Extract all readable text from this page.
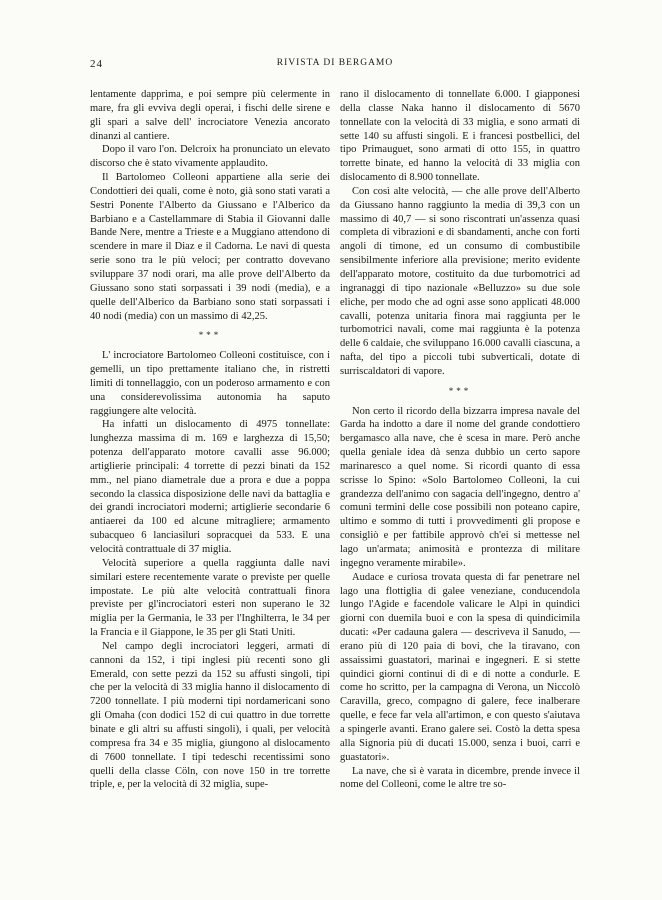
24	RIVISTA DI BERGAMO

lentamente dapprima, e poi sempre più celermente in mare, fra gli evviva degli operai, i fischi delle sirene e gli spari a salve dell' incrociatore Venezia ancorato dinanzi al cantiere.

Dopo il varo l'on. Delcroix ha pronunciato un elevato discorso che è stato vivamente applaudito.

Il Bartolomeo Colleoni appartiene alla serie dei Condottieri dei quali, come è noto, già sono stati varati a Sestri Ponente l'Alberto da Giussano e l'Alberico da Barbiano e a Castellammare di Stabia il Giovanni dalle Bande Nere, mentre a Trieste e a Muggiano attendono di scendere in mare il Diaz e il Cadorna. Le navi di questa serie sono tra le più veloci; per contratto dovevano sviluppare 37 nodi orari, ma alle prove dell'Alberto da Giussano sono stati sorpassati i 39 nodi (media), e a quelle dell'Alberico da Barbiano sono stati sorpassati i 40 nodi (media) con un massimo di 42,25.

***

L' incrociatore Bartolomeo Colleoni costituisce, con i gemelli, un tipo prettamente italiano che, in ristretti limiti di tonnellaggio, con un poderoso armamento e con una considerevolissima autonomia ha saputo raggiungere alte velocità.

Ha infatti un dislocamento di 4975 tonnellate: lunghezza massima di m. 169 e larghezza di 15,50; potenza dell'apparato motore cavalli asse 96.000; artiglierie principali: 4 torrette di pezzi binati da 152 mm., nel piano diametrale due a prora e due a poppa secondo la classica disposizione delle navi da battaglia e dei grandi incrociatori moderni; artiglierie secondarie 6 antiaerei da 100 ed alcune mitragliere; armamento subacqueo 6 lanciasiluri sopracqueì da 533. E una velocità contrattuale di 37 miglia.

Velocità superiore a quella raggiunta dalle navi similari estere recentemente varate o previste per quelle impostate. Le più alte velocità contrattuali finora previste per gl'incrociatori esteri non superano le 32 miglia per la Germania, le 33 per l'Inghilterra, le 34 per la Francia e il Giappone, le 35 per gli Stati Uniti.

Nel campo degli incrociatori leggeri, armati di cannoni da 152, i tipi inglesi più recenti sono gli Emerald, con sette pezzi da 152 su affusti singoli, tipi che per la velocità di 33 miglia hanno il dislocamento di 7200 tonnellate. I più moderni tipi nordamericani sono gli Omaha (con dodici 152 di cui quattro in due torrette binate e gli altri su affusti singoli), i quali, per velocità compresa fra 34 e 35 miglia, giungono al dislocamento di 7600 tonnellate. I tipi tedeschi recentissimi sono quelli della classe Cöln, con nove 150 in tre torrette triple, e, per la velocità di 32 miglia, supe-

rano il dislocamento di tonnellate 6.000. I giapponesi della classe Naka hanno il dislocamento di 5670 tonnellate con la velocità di 33 miglia, e sono armati di sette 140 su affusti singoli. E i francesi postbellici, del tipo Primauguet, sono armati di otto 155, in quattro torrette binate, ed hanno la velocità di 33 miglia con dislocamento di 8.900 tonnellate.

Con così alte velocità, — che alle prove dell'Alberto da Giussano hanno raggiunto la media di 39,3 con un massimo di 40,7 — si sono riscontrati un'assenza quasi completa di vibrazioni e di sbandamenti, anche con forti angoli di timone, ed un consumo di combustibile sensibilmente inferiore alla previsione; merito evidente dell'apparato motore, costituito da due turbomotrici ad ingranaggi di tipo nazionale «Belluzzo» su due sole eliche, per modo che ad ogni asse sono applicati 48.000 cavalli, potenza unitaria finora mai raggiunta per le turbomotrici navali, come mai raggiunta è la potenza delle 6 caldaie, che sviluppano 16.000 cavalli ciascuna, a nafta, del tipo a piccoli tubi subverticali, dotate di surriscaldatori di vapore.

***

Non certo il ricordo della bizzarra impresa navale del Garda ha indotto a dare il nome del grande condottiero bergamasco alla nave, che è scesa in mare. Però anche quella geniale idea dà senza dubbio un certo sapore marinaresco a quel nome. Si ricordi quanto di essa scrisse lo Spino: «Solo Bartolomeo Colleoni, la cui grandezza dell'animo con sagacia dell'ingegno, dentro a' comuni termini delle cose possibili non poteano capire, ultimo e sommo di tutti i provvedimenti gli propose e consigliò e per fattibile approvò ch'ei si mettesse nel lago un'armata; animosità e prontezza di militare ingegno veramente mirabile».

Audace e curiosa trovata questa di far penetrare nel lago una flottiglia di galee veneziane, conducendola lungo l'Agide e facendole valicare le Alpi in quindici giorni con duemila buoi e con la spesa di quindicimila ducati: «Per cadauna galera — descriveva il Sanudo, — erano più di 120 paia di bovi, che la tiravano, con assaissimi guastatori, marinai e ingegneri. E si stette quindici giorni continui di dì e di notte a condurle. E come ho scritto, per la campagna di Verona, un Niccolò Caravilla, greco, compagno di galere, fece inalberare quelle, e fece far vela all'artimon, e con questo s'aiutava a spingerle avanti. Erano galere sei. Costò la detta spesa alla Signoria più di ducati 15.000, senza i buoi, carri e guastatori».

La nave, che si è varata in dicembre, prende invece il nome del Colleoni, come le altre tre so-
